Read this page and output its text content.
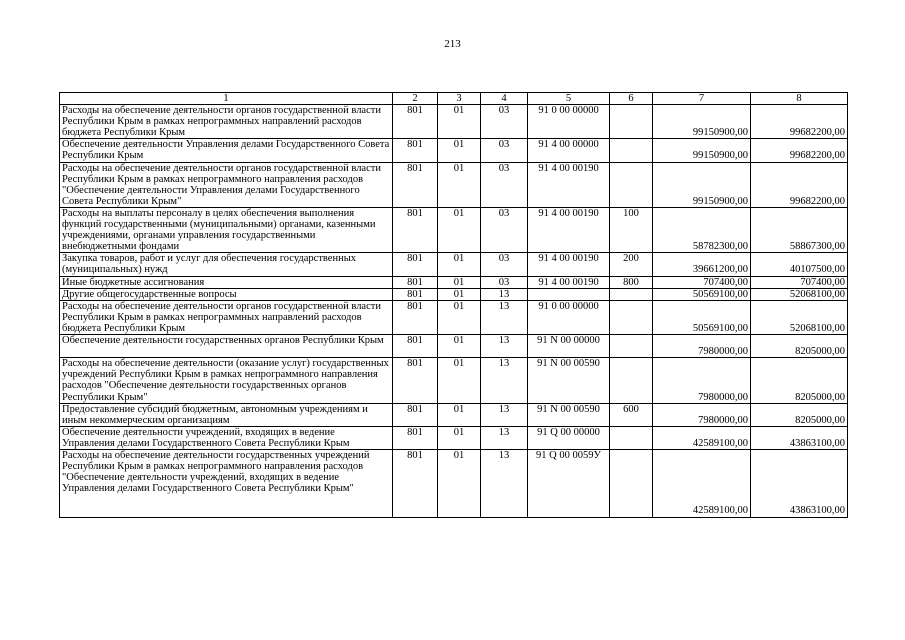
213
1	2	3	4	5	6	7	8
Расходы на обеспечение деятельности органов государственной власти Республики Крым в рамках непрограммных направлений расходов бюджета Республики Крым	801	01	03	91 0 00 00000		99150900,00	99682200,00
Обеспечение деятельности Управления делами Государственного Совета Республики Крым	801	01	03	91 4 00 00000		99150900,00	99682200,00
Расходы на обеспечение деятельности органов государственной власти Республики Крым в рамках непрограммного направления расходов "Обеспечение деятельности Управления делами Государственного Совета Республики Крым"	801	01	03	91 4 00 00190		99150900,00	99682200,00
Расходы на выплаты персоналу в целях обеспечения выполнения функций государственными (муниципальными) органами, казенными учреждениями, органами управления государственными внебюджетными фондами	801	01	03	91 4 00 00190	100	58782300,00	58867300,00
Закупка товаров, работ и услуг для обеспечения государственных (муниципальных) нужд	801	01	03	91 4 00 00190	200	39661200,00	40107500,00
Иные бюджетные ассигнования	801	01	03	91 4 00 00190	800	707400,00	707400,00
Другие общегосударственные вопросы	801	01	13			50569100,00	52068100,00
Расходы на обеспечение деятельности органов государственной власти Республики Крым в рамках непрограммных направлений расходов бюджета Республики Крым	801	01	13	91 0 00 00000		50569100,00	52068100,00
Обеспечение деятельности государственных органов Республики Крым	801	01	13	91 N 00 00000		7980000,00	8205000,00
Расходы на обеспечение деятельности (оказание услуг) государственных учреждений Республики Крым в рамках непрограммного направления расходов "Обеспечение деятельности государственных органов Республики Крым"	801	01	13	91 N 00 00590		7980000,00	8205000,00
Предоставление субсидий бюджетным, автономным учреждениям и иным некоммерческим организациям	801	01	13	91 N 00 00590	600	7980000,00	8205000,00
Обеспечение деятельности учреждений, входящих в ведение Управления делами Государственного Совета Республики Крым	801	01	13	91 Q 00 00000		42589100,00	43863100,00
Расходы на обеспечение деятельности государственных учреждений Республики Крым в рамках непрограммного направления расходов "Обеспечение деятельности учреждений, входящих в ведение Управления делами Государственного Совета Республики Крым"	801	01	13	91 Q 00 0059У		42589100,00	43863100,00
